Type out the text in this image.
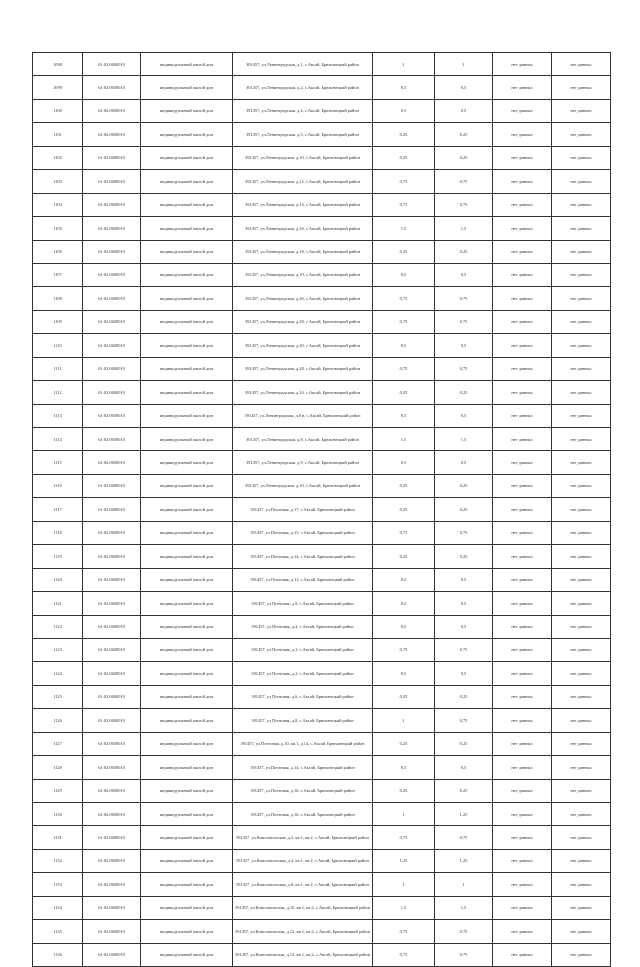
1098	61:02:0600010	индивидуальный жилой дом	391457, ул.Ленинградская, д.1, с.Аксай, Брюховецкий район	1	1	нет данных	нет данных
1099	61:02:0600010	индивидуальный жилой дом	391457, ул.Ленинградская, д.2, с.Аксай, Брюховецкий район	0,5	0,5	нет данных	нет данных
1100	61:02:0600010	индивидуальный жилой дом	391457, ул.Ленинградская, д.4, с.Аксай, Брюховецкий район	0,5	0,5	нет данных	нет данных
1101	61:02:0600010	индивидуальный жилой дом	391457, ул.Ленинградская, д.5, с.Аксай, Брюховецкий район	0,25	0,25	нет данных	нет данных
1102	61:02:0600010	индивидуальный жилой дом	391457, ул.Ленинградская, д.10, с.Аксай, Брюховецкий район	0,25	0,25	нет данных	нет данных
1103	61:02:0600010	индивидуальный жилой дом	391457, ул.Ленинградская, д.12, с.Аксай, Брюховецкий район	0,75	0,75	нет данных	нет данных
1104	61:02:0600010	индивидуальный жилой дом	391457, ул.Ленинградская, д.14, с.Аксай, Брюховецкий район	0,75	0,75	нет данных	нет данных
1105	61:02:0600010	индивидуальный жилой дом	391457, ул.Ленинградская, д.16, с.Аксай, Брюховецкий район	1,5	1,5	нет данных	нет данных
1106	61:02:0600010	индивидуальный жилой дом	391457, ул.Ленинградская, д.18, с.Аксай, Брюховецкий район	0,25	0,25	нет данных	нет данных
1107	61:02:0600010	индивидуальный жилой дом	391457, ул.Ленинградская, д.19, с.Аксай, Брюховецкий район	0,5	0,5	нет данных	нет данных
1108	61:02:0600010	индивидуальный жилой дом	391457, ул.Ленинградская, д.26, с.Аксай, Брюховецкий район	0,75	0,75	нет данных	нет данных
1109	61:02:0600010	индивидуальный жилой дом	391457, ул.Ленинградская, д.28, с.Аксай, Брюховецкий район	0,75	0,75	нет данных	нет данных
1110	61:02:0600010	индивидуальный жилой дом	391457, ул.Ленинградская, д.30, с.Аксай, Брюховецкий район	0,5	0,5	нет данных	нет данных
1111	61:02:0600010	индивидуальный жилой дом	391457, ул.Ленинградская, д.28, с.Аксай, Брюховецкий район	0,75	0,75	нет данных	нет данных
1112	61:02:0600010	индивидуальный жилой дом	391457, ул.Ленинградская, д.34, с.Аксай, Брюховецкий район	0,25	0,25	нет данных	нет данных
1113	61:02:0600010	индивидуальный жилой дом	391457, ул.Ленинградская, д.6 в, с.Аксай, Брюховецкий район	0,5	0,5	нет данных	нет данных
1114	61:02:0600010	индивидуальный жилой дом	391457, ул.Ленинградская, д.8, с.Аксай, Брюховецкий район	1,5	1,5	нет данных	нет данных
1115	61:02:0600010	индивидуальный жилой дом	391457, ул.Ленинградская, д.9, с.Аксай, Брюховецкий район	0,5	0,5	нет данных	нет данных
1116	61:02:0600010	индивидуальный жилой дом	391457, ул.Ленинградская, д.10, с.Аксай, Брюховецкий район	0,25	0,25	нет данных	нет данных
1117	61:02:0600010	индивидуальный жилой дом	391457, ул.Почтовая, д.17, с.Аксай, Брюховецкий район	0,25	0,25	нет данных	нет данных
1118	61:02:0600010	индивидуальный жилой дом	391457, ул.Почтовая, д.15, с.Аксай, Брюховецкий район	0,75	0,75	нет данных	нет данных
1119	61:02:0600010	индивидуальный жилой дом	391457, ул.Почтовая, д.14, с.Аксай, Брюховецкий район	0,25	0,25	нет данных	нет данных
1120	61:02:0600010	индивидуальный жилой дом	391457, ул.Почтовая, д.11, с.Аксай, Брюховецкий район	0,5	0,5	нет данных	нет данных
1121	61:02:0600010	индивидуальный жилой дом	391457, ул.Почтовая, д.9, с.Аксай, Брюховецкий район	0,5	0,5	нет данных	нет данных
1122	61:02:0600010	индивидуальный жилой дом	391457, ул.Почтовая, д.4, с.Аксай, Брюховецкий район	0,5	0,5	нет данных	нет данных
1123	61:02:0600010	индивидуальный жилой дом	391457, ул.Почтовая, д.3, с.Аксай, Брюховецкий район	0,75	0,75	нет данных	нет данных
1124	61:02:0600010	индивидуальный жилой дом	391457, ул.Почтовая, д.2, с.Аксай, Брюховецкий район	0,5	0,5	нет данных	нет данных
1125	61:02:0600010	индивидуальный жилой дом	391457, ул.Почтовая, д.6, с.Аксай, Брюховецкий район	0,25	0,25	нет данных	нет данных
1126	61:02:0600010	индивидуальный жилой дом	391457, ул.Почтовая, д.8, с.Аксай, Брюховецкий район	1	0,75	нет данных	нет данных
1127	61:02:0600010	индивидуальный жилой дом	391457, ул.Почтовая, д.10, кв.1, д.14, с.Аксай, Брюховецкий район	0,25	0,25	нет данных	нет данных
1128	61:02:0600010	индивидуальный жилой дом	391457, ул.Почтовая, д.14, с.Аксай, Брюховецкий район	0,5	0,5	нет данных	нет данных
1129	61:02:0600010	индивидуальный жилой дом	391457, ул.Почтовая, д.16, с.Аксай, Брюховецкий район	0,25	0,25	нет данных	нет данных
1130	61:02:0600010	индивидуальный жилой дом	391457, ул.Почтовая, д.16, с.Аксай, Брюховецкий район	1	1,25	нет данных	нет данных
1131	61:02:0600010	индивидуальный жилой дом	391457, ул.Комсомольская, д.2, кв.1, кв.2, с.Аксай, Брюховецкий район	0,75	0,75	нет данных	нет данных
1132	61:02:0600010	индивидуальный жилой дом	391457, ул.Комсомольская, д.4, кв.1, кв.2, с.Аксай, Брюховецкий район	1,25	1,25	нет данных	нет данных
1133	61:02:0600010	индивидуальный жилой дом	391457, ул.Комсомольская, д.6, кв.1, кв.2, с.Аксай, Брюховецкий район	1	1	нет данных	нет данных
1134	61:02:0600010	индивидуальный жилой дом	391457, ул.Комсомольская, д.10, кв.1, кв.2, с.Аксай, Брюховецкий район	1,5	1,5	нет данных	нет данных
1135	61:02:0600010	индивидуальный жилой дом	391457, ул.Комсомольская, д.12, кв.1, кв.2, с.Аксай, Брюховецкий район	0,75	0,75	нет данных	нет данных
1136	61:02:0600010	индивидуальный жилой дом	391457, ул.Комсомольская, д.12, кв.1, кв.2, с.Аксай, Брюховецкий район	0,75	0,75	нет данных	нет данных
